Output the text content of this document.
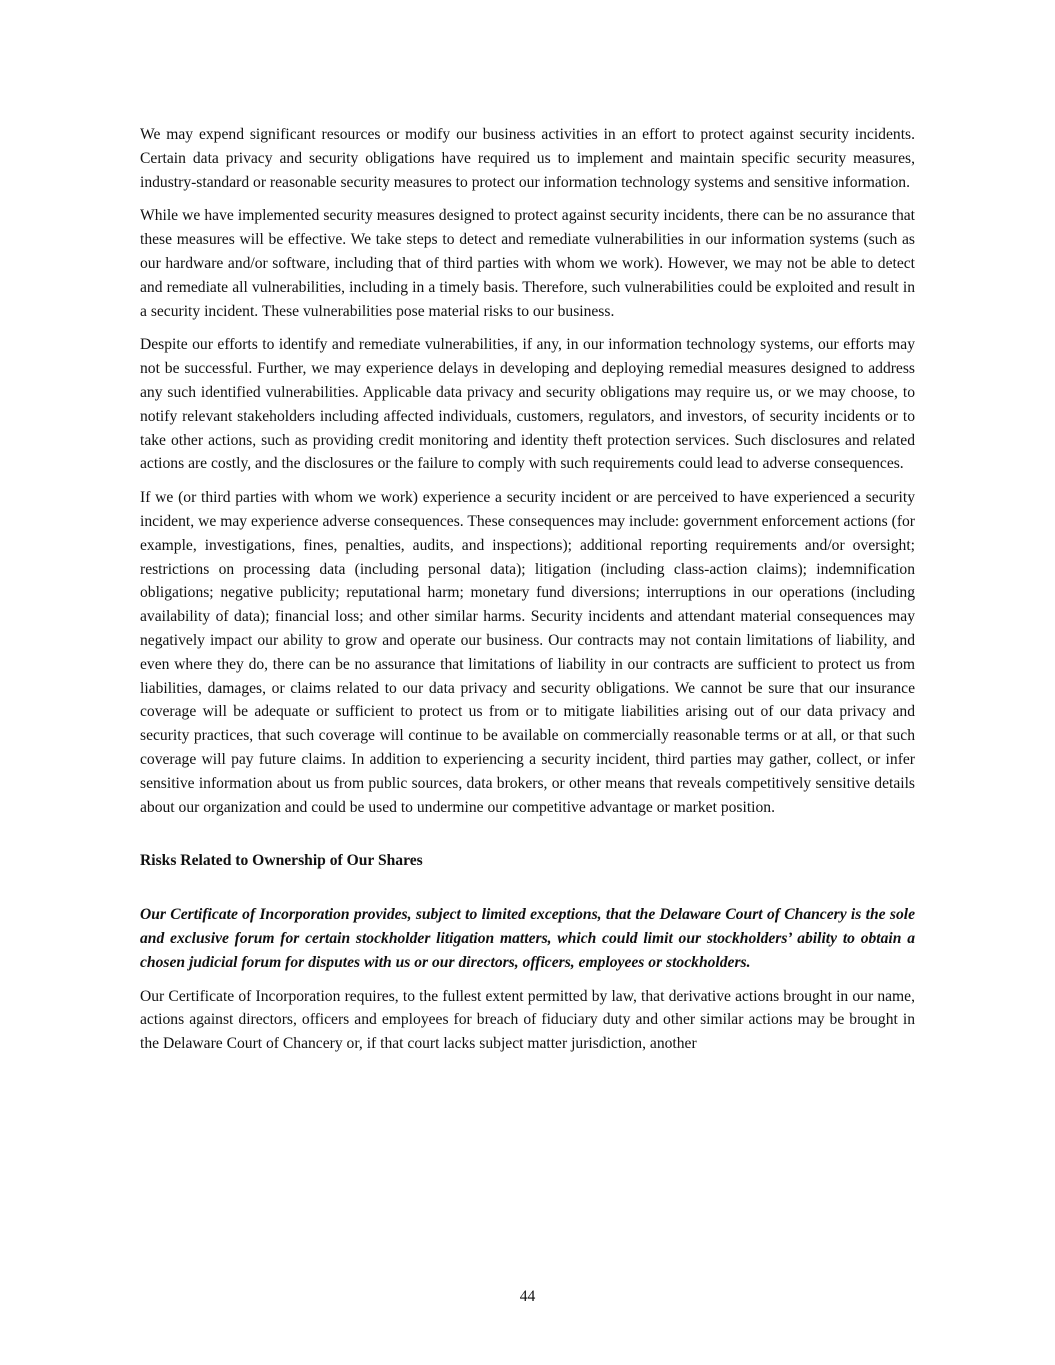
We may expend significant resources or modify our business activities in an effort to protect against security incidents. Certain data privacy and security obligations have required us to implement and maintain specific security measures, industry-standard or reasonable security measures to protect our information technology systems and sensitive information.

While we have implemented security measures designed to protect against security incidents, there can be no assurance that these measures will be effective. We take steps to detect and remediate vulnerabilities in our information systems (such as our hardware and/or software, including that of third parties with whom we work). However, we may not be able to detect and remediate all vulnerabilities, including in a timely basis. Therefore, such vulnerabilities could be exploited and result in a security incident. These vulnerabilities pose material risks to our business.

Despite our efforts to identify and remediate vulnerabilities, if any, in our information technology systems, our efforts may not be successful. Further, we may experience delays in developing and deploying remedial measures designed to address any such identified vulnerabilities. Applicable data privacy and security obligations may require us, or we may choose, to notify relevant stakeholders including affected individuals, customers, regulators, and investors, of security incidents or to take other actions, such as providing credit monitoring and identity theft protection services. Such disclosures and related actions are costly, and the disclosures or the failure to comply with such requirements could lead to adverse consequences.

If we (or third parties with whom we work) experience a security incident or are perceived to have experienced a security incident, we may experience adverse consequences. These consequences may include: government enforcement actions (for example, investigations, fines, penalties, audits, and inspections); additional reporting requirements and/or oversight; restrictions on processing data (including personal data); litigation (including class-action claims); indemnification obligations; negative publicity; reputational harm; monetary fund diversions; interruptions in our operations (including availability of data); financial loss; and other similar harms. Security incidents and attendant material consequences may negatively impact our ability to grow and operate our business. Our contracts may not contain limitations of liability, and even where they do, there can be no assurance that limitations of liability in our contracts are sufficient to protect us from liabilities, damages, or claims related to our data privacy and security obligations. We cannot be sure that our insurance coverage will be adequate or sufficient to protect us from or to mitigate liabilities arising out of our data privacy and security practices, that such coverage will continue to be available on commercially reasonable terms or at all, or that such coverage will pay future claims. In addition to experiencing a security incident, third parties may gather, collect, or infer sensitive information about us from public sources, data brokers, or other means that reveals competitively sensitive details about our organization and could be used to undermine our competitive advantage or market position.

Risks Related to Ownership of Our Shares

Our Certificate of Incorporation provides, subject to limited exceptions, that the Delaware Court of Chancery is the sole and exclusive forum for certain stockholder litigation matters, which could limit our stockholders’ ability to obtain a chosen judicial forum for disputes with us or our directors, officers, employees or stockholders.

Our Certificate of Incorporation requires, to the fullest extent permitted by law, that derivative actions brought in our name, actions against directors, officers and employees for breach of fiduciary duty and other similar actions may be brought in the Delaware Court of Chancery or, if that court lacks subject matter jurisdiction, another

44
